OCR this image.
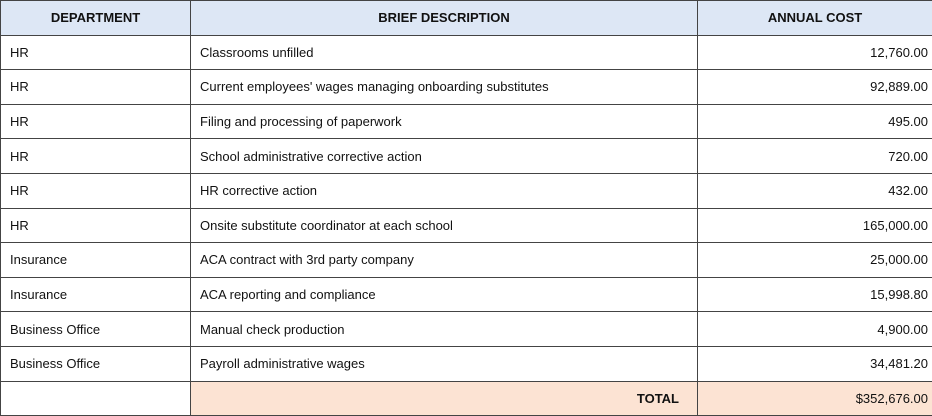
DEPARTMENT	BRIEF DESCRIPTION	ANNUAL COST
HR	Classrooms unfilled	12,760.00
HR	Current employees' wages managing onboarding substitutes	92,889.00
HR	Filing and processing of paperwork	495.00
HR	School administrative corrective action	720.00
HR	HR corrective action	432.00
HR	Onsite substitute coordinator at each school	165,000.00
Insurance	ACA contract with 3rd party company	25,000.00
Insurance	ACA reporting and compliance	15,998.80
Business Office	Manual check production	4,900.00
Business Office	Payroll administrative wages	34,481.20
	TOTAL	$352,676.00
